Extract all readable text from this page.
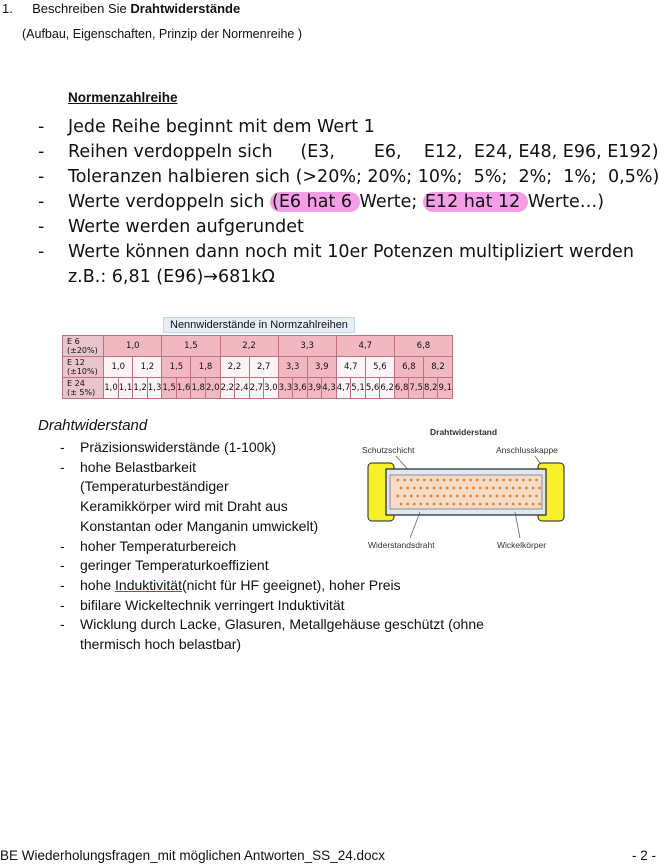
1. Beschreiben Sie Drahtwiderstände
(Aufbau, Eigenschaften, Prinzip der Normenreihe )
Normenzahlreihe
- Jede Reihe beginnt mit dem Wert 1
- Reihen verdoppeln sich     (E3,       E6,    E12,  E24, E48, E96, E192)
- Toleranzen halbieren sich (>20%; 20%; 10%;  5%;  2%;  1%;  0,5%)
- Werte verdoppeln sich (E6 hat 6 Werte; E12 hat 12 Werte…)
- Werte werden aufgerundet
- Werte können dann noch mit 10er Potenzen multipliziert werden
z.B.: 6,81 (E96)→681kΩ
Nennwiderstände in Normzahlreihen
E 6
(±20%)	1,0				1,5				2,2				3,3				4,7				6,8			

E 12
(±10%)	1,0		1,2		1,5		1,8		2,2		2,7		3,3		3,9		4,7		5,6		6,8		8,2	

E 24
(± 5%)	1,0	1,1	1,2	1,3	1,5	1,6	1,8	2,0	2,2	2,4	2,7	3,0	3,3	3,6	3,9	4,3	4,7	5,1	5,6	6,2	6,8	7,5	8,2	9,1
Drahtwiderstand
- Präzisionswiderstände (1-100k)
- hohe Belastbarkeit
(Temperaturbeständiger
Keramikkörper wird mit Draht aus
Konstantan oder Manganin umwickelt)
- hoher Temperaturbereich
- geringer Temperaturkoeffizient
- hohe Induktivität(nicht für HF geeignet), hoher Preis
- bifilare Wickeltechnik verringert Induktivität
- Wicklung durch Lacke, Glasuren, Metallgehäuse geschützt (ohne
thermisch hoch belastbar)
Drahtwiderstand
Schutzschicht	Anschlusskappe
Widerstandsdraht	Wickelkörper
BE Wiederholungsfragen_mit möglichen Antworten_SS_24.docx	- 2 -
